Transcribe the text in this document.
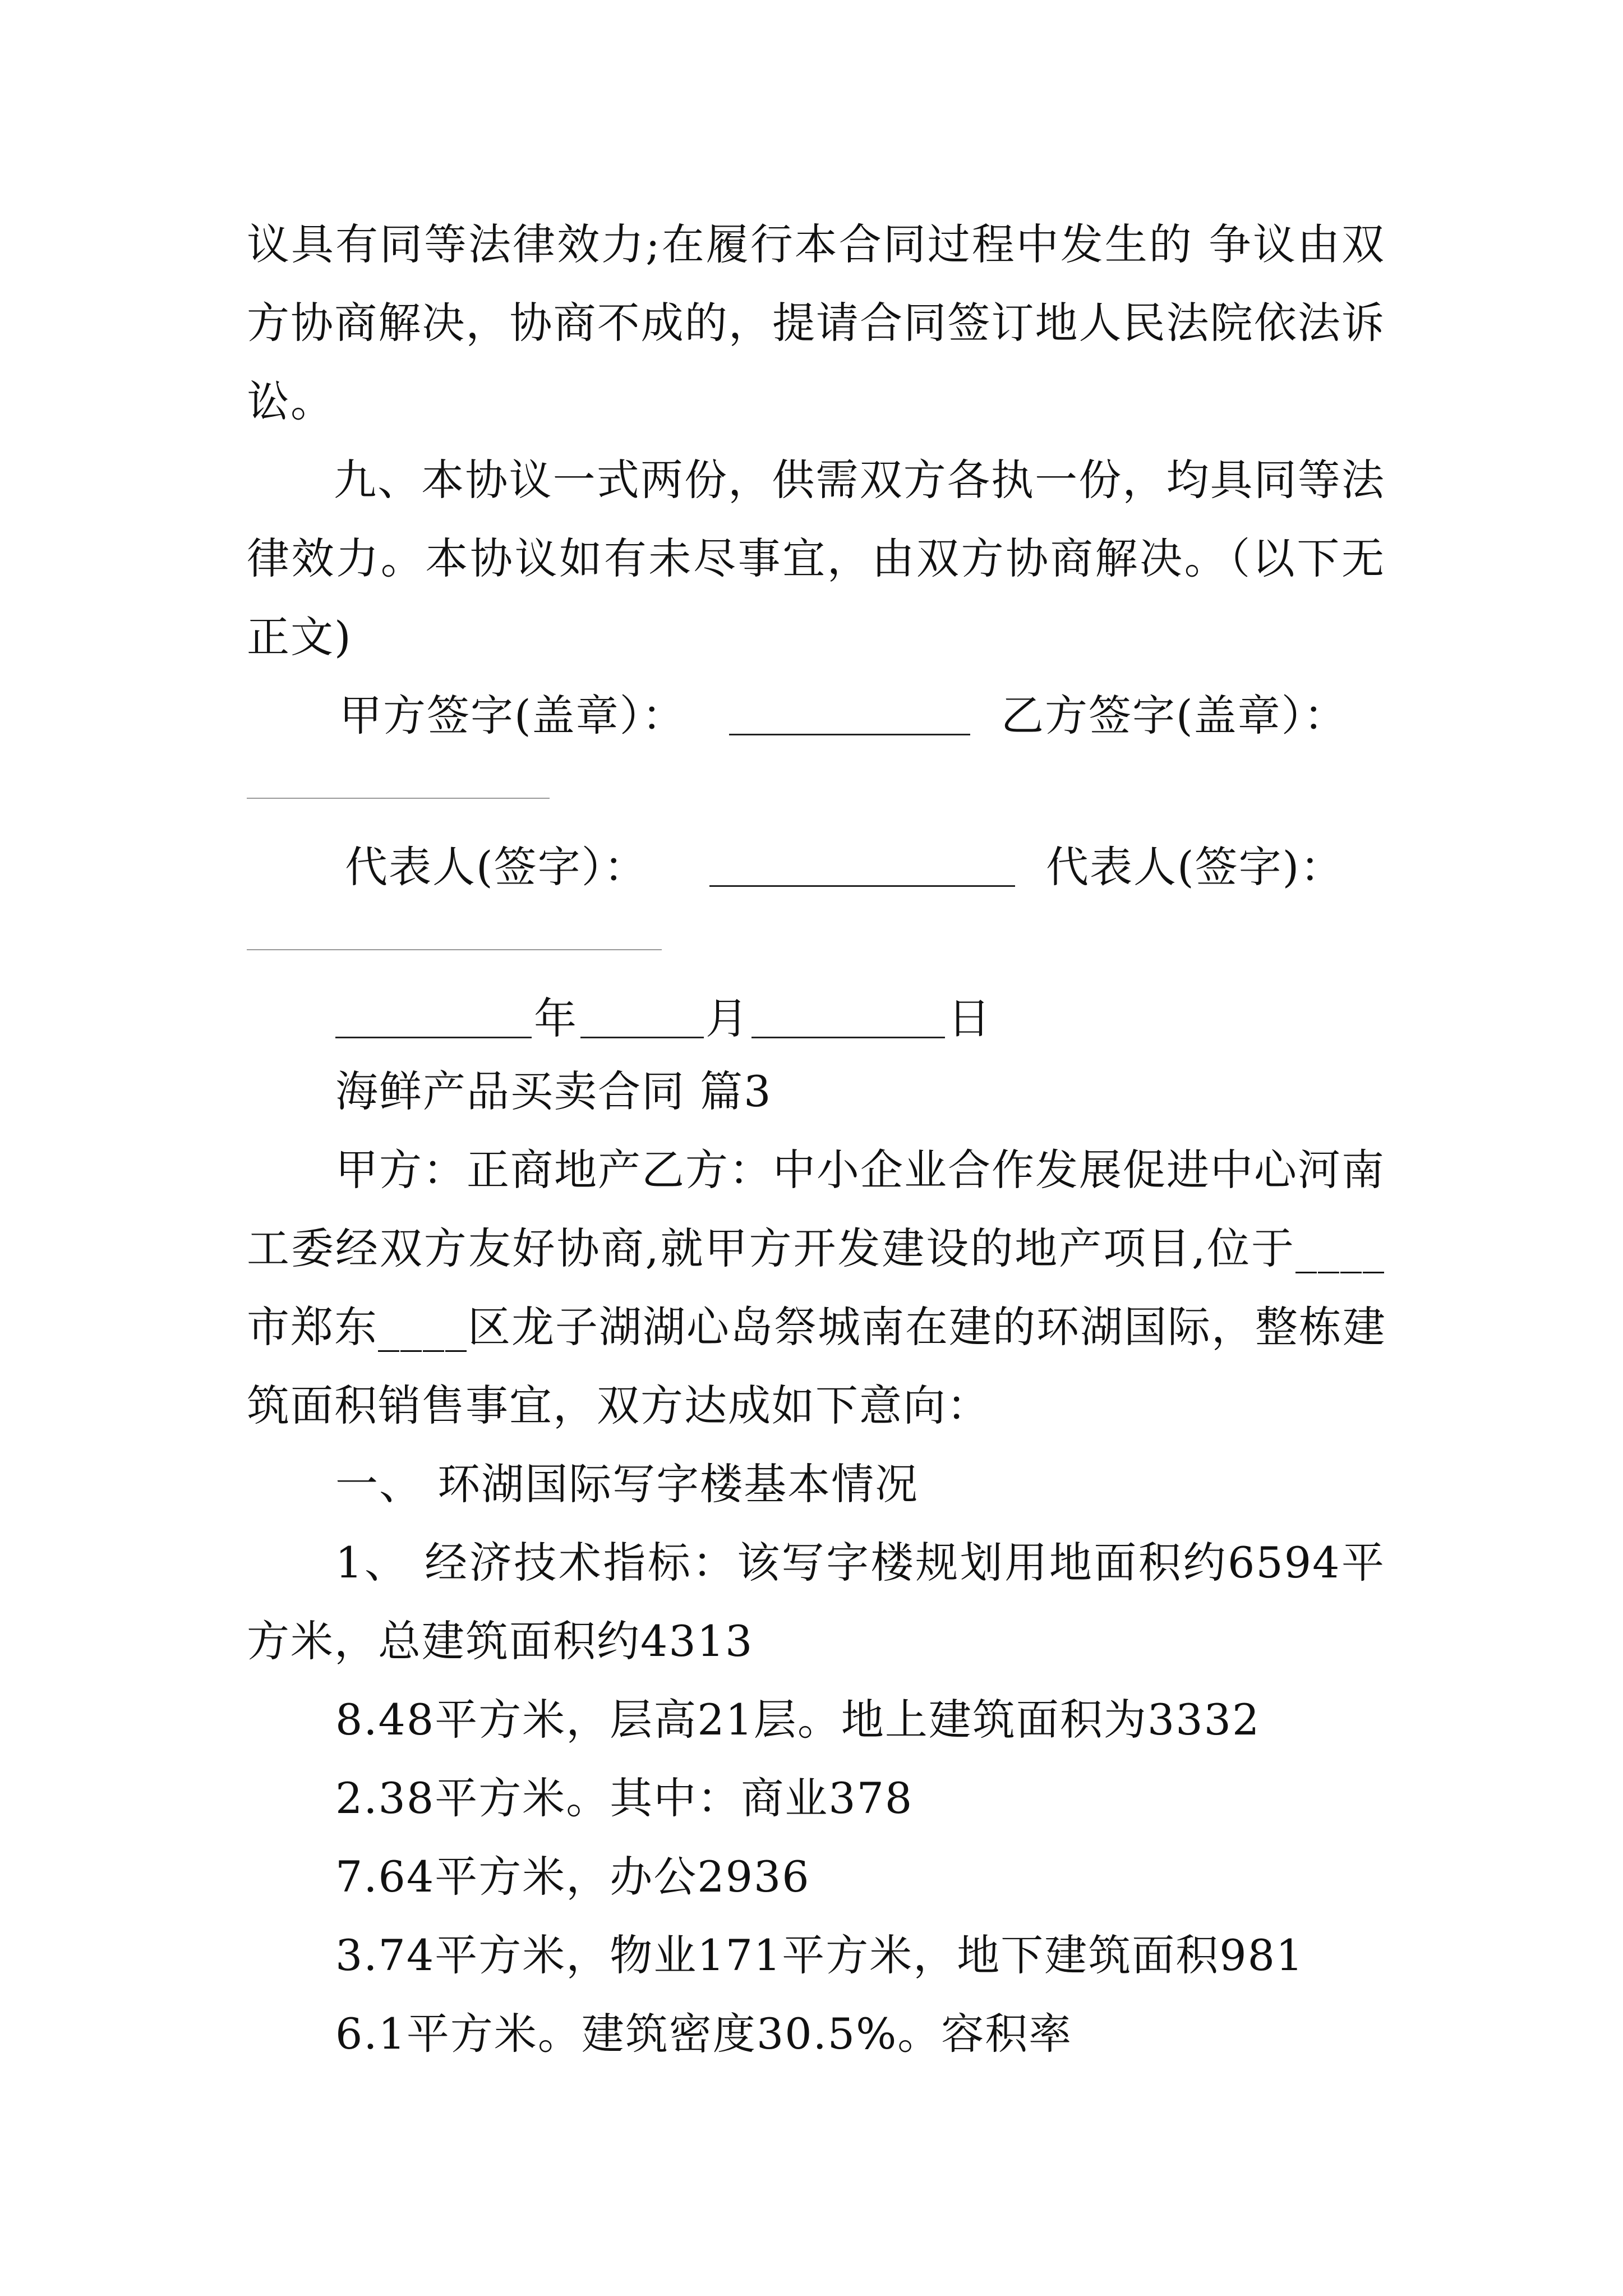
议具有同等法律效力;在履行本合同过程中发生的 争议由双
方协商解决，协商不成的，提请合同签订地人民法院依法诉
讼。
九、本协议一式两份，供需双方各执一份，均具同等法
律效力。本协议如有未尽事宜，由双方协商解决。（以下无
正文)
甲方签字(盖章）：	乙方签字(盖章）：
代表人(签字）：	代表人(签字)：
年	月	日
海鲜产品买卖合同 篇3
甲方：正商地产乙方：中小企业合作发展促进中心河南
工委经双方友好协商,就甲方开发建设的地产项目,位于____
市郑东____区龙子湖湖心岛祭城南在建的环湖国际，整栋建
筑面积销售事宜，双方达成如下意向：
一、 环湖国际写字楼基本情况
1、 经济技术指标：该写字楼规划用地面积约6594平
方米，总建筑面积约4313
8.48平方米，层高21层。地上建筑面积为3332
2.38平方米。其中：商业378
7.64平方米，办公2936
3.74平方米，物业171平方米，地下建筑面积981
6.1平方米。建筑密度30.5%。容积率
